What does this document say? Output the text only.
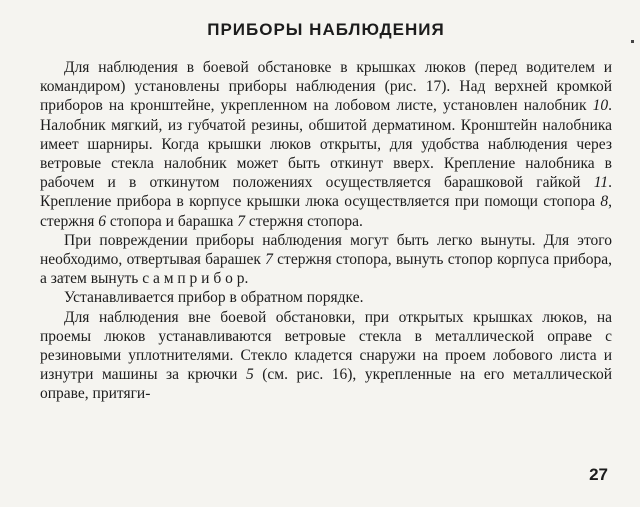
ПРИБОРЫ НАБЛЮДЕНИЯ

Для наблюдения в боевой обстановке в крышках люков (перед водителем и командиром) установлены приборы наблюдения (рис. 17). Над верхней кромкой приборов на кронштейне, укрепленном на лобовом листе, установлен налобник 10. Налобник мягкий, из губчатой резины, обшитой дерматином. Кронштейн налобника имеет шарниры. Когда крышки люков открыты, для удобства наблюдения через ветровые стекла налобник может быть откинут вверх. Крепление налобника в рабочем и в откинутом положениях осуществляется барашковой гайкой 11. Крепление прибора в корпусе крышки люка осуществляется при помощи стопора 8, стержня 6 стопора и барашка 7 стержня стопора.

При повреждении приборы наблюдения могут быть легко вынуты. Для этого необходимо, отвертывая барашек 7 стержня стопора, вынуть стопор корпуса прибора, а затем вынуть с а м п р и б о р.

Устанавливается прибор в обратном порядке.

Для наблюдения вне боевой обстановки, при открытых крышках люков, на проемы люков устанавливаются ветровые стекла в металлической оправе с резиновыми уплотнителями. Стекло кладется снаружи на проем лобового листа и изнутри машины за крючки 5 (см. рис. 16), укрепленные на его металлической оправе, притяги-

27
